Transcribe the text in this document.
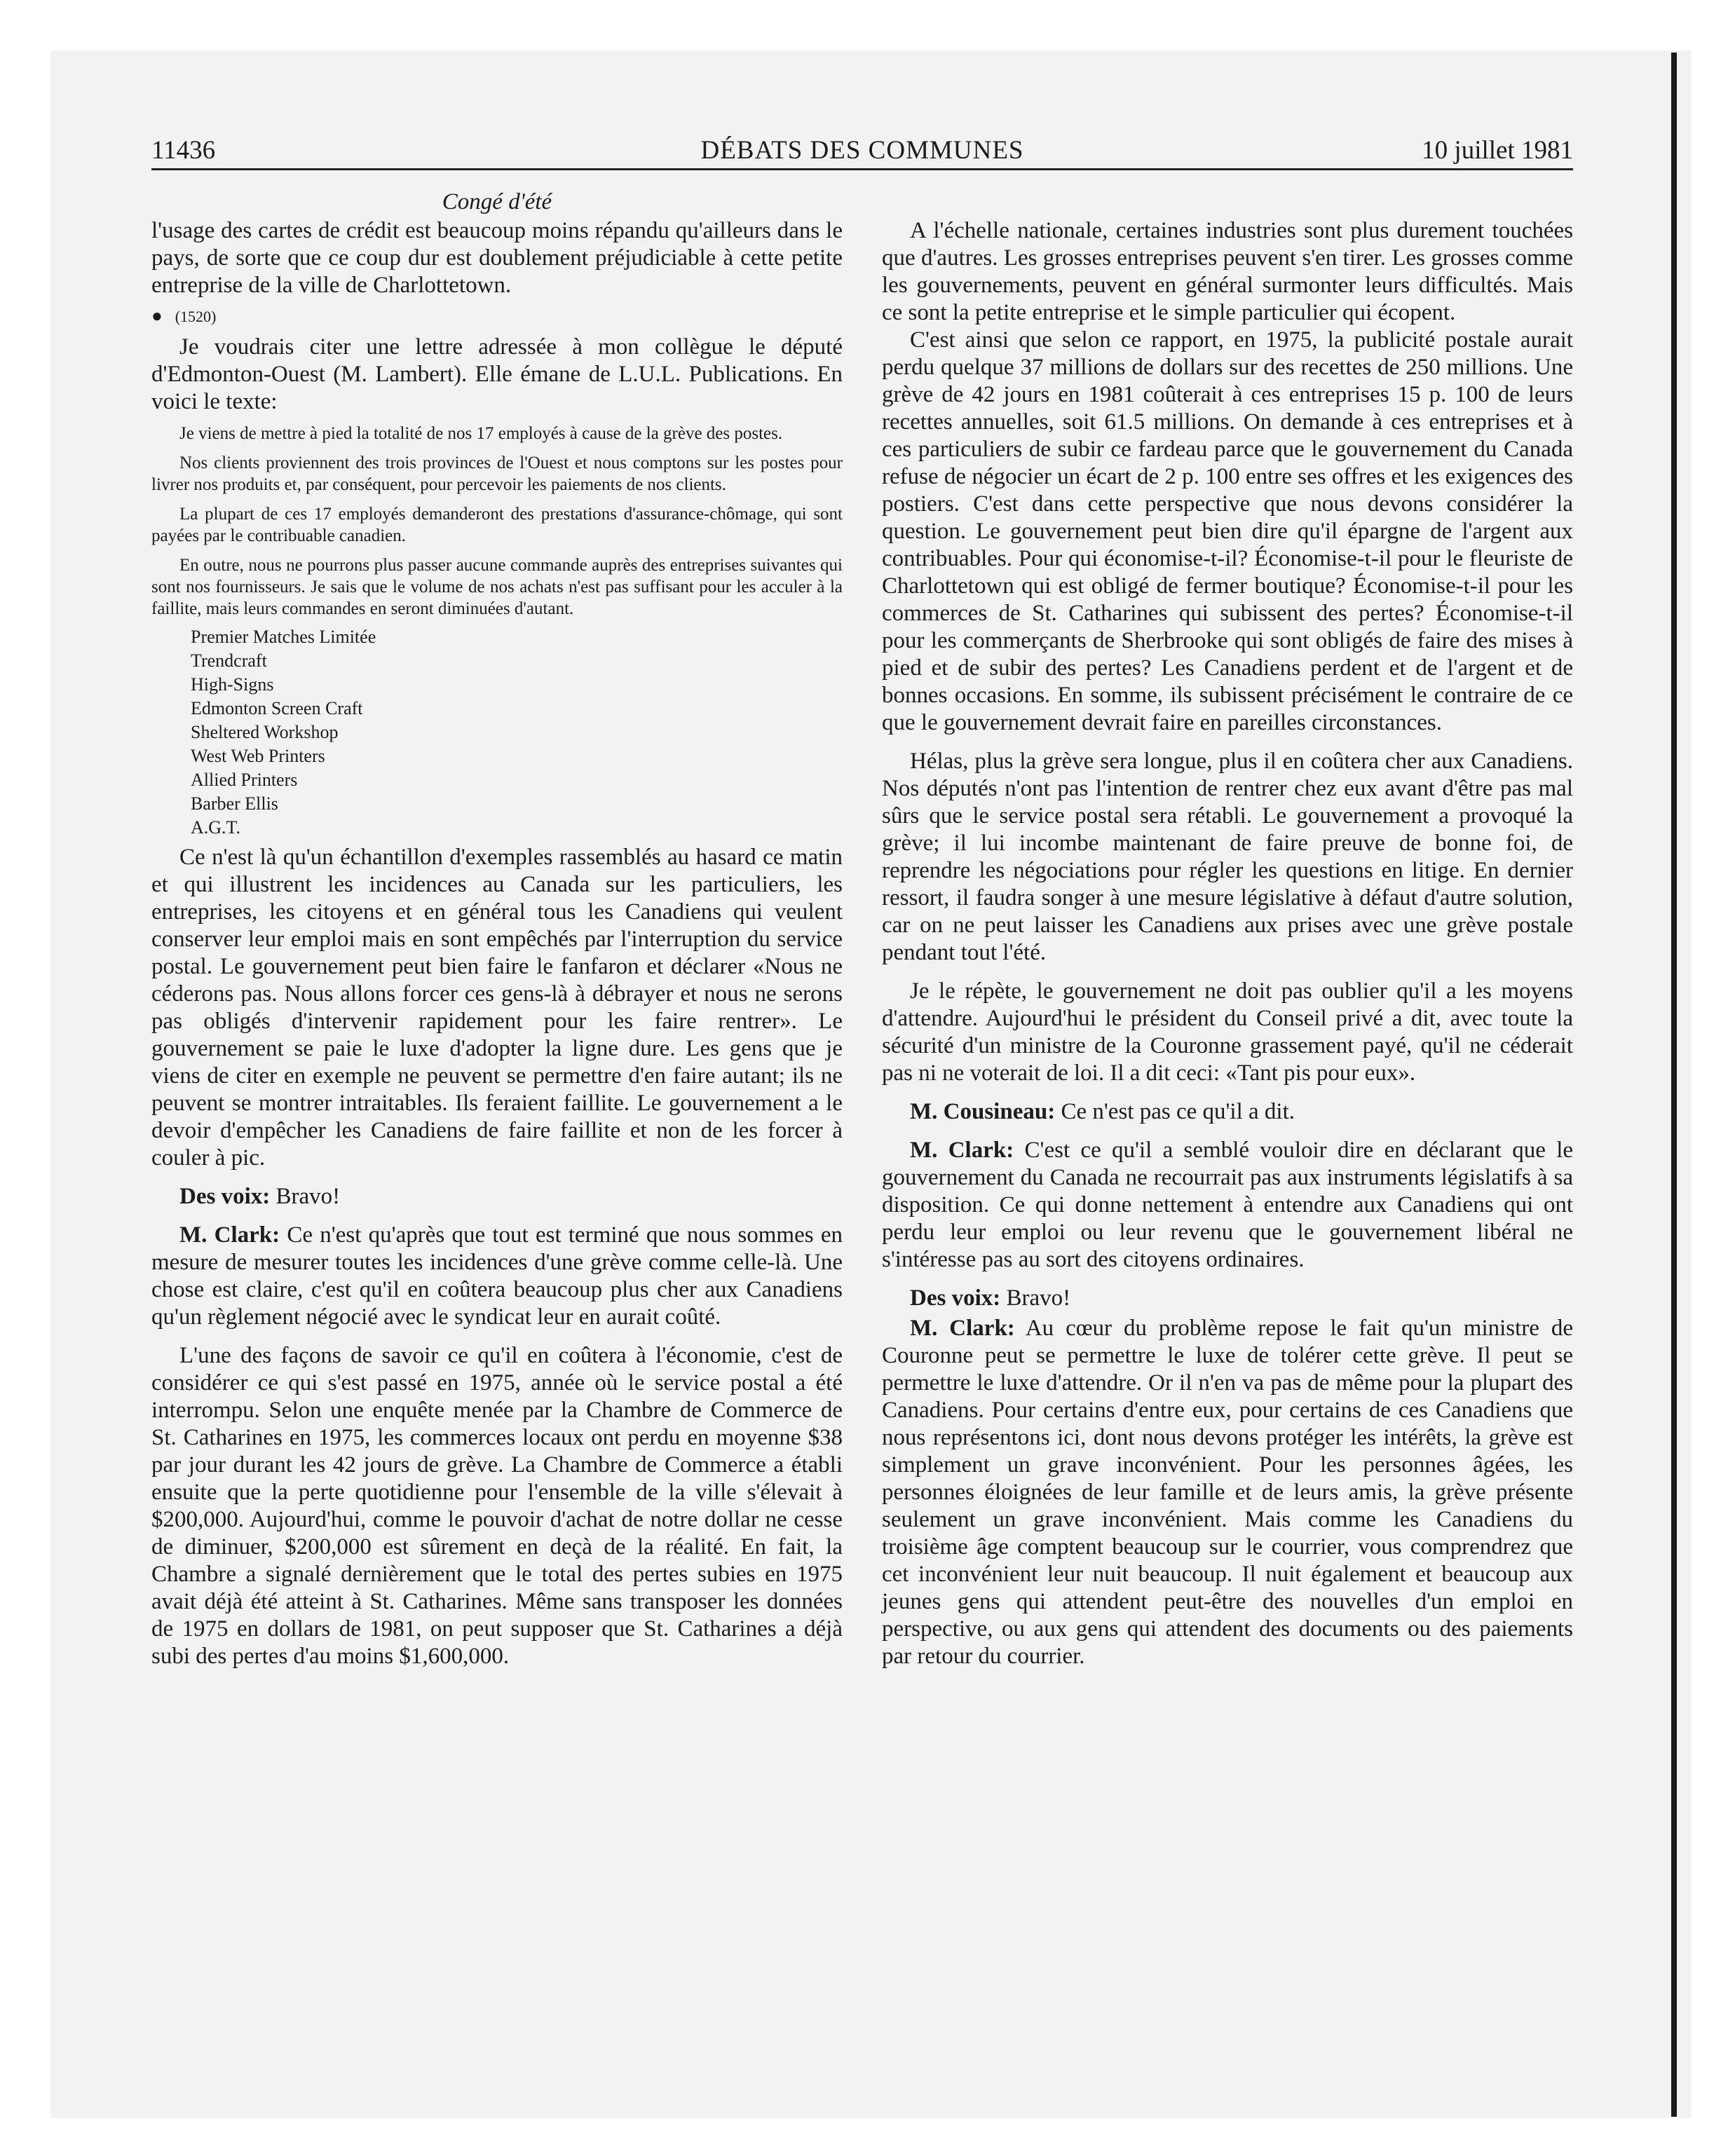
11436	DÉBATS DES COMMUNES	10 juillet 1981
Congé d'été

l'usage des cartes de crédit est beaucoup moins répandu qu'ailleurs dans le pays, de sorte que ce coup dur est doublement préjudiciable à cette petite entreprise de la ville de Charlottetown.

● (1520)

Je voudrais citer une lettre adressée à mon collègue le député d'Edmonton-Ouest (M. Lambert). Elle émane de L.U.L. Publications. En voici le texte:

Je viens de mettre à pied la totalité de nos 17 employés à cause de la grève des postes.

Nos clients proviennent des trois provinces de l'Ouest et nous comptons sur les postes pour livrer nos produits et, par conséquent, pour percevoir les paiements de nos clients.

La plupart de ces 17 employés demanderont des prestations d'assurance-chômage, qui sont payées par le contribuable canadien.

En outre, nous ne pourrons plus passer aucune commande auprès des entreprises suivantes qui sont nos fournisseurs. Je sais que le volume de nos achats n'est pas suffisant pour les acculer à la faillite, mais leurs commandes en seront diminuées d'autant.

Premier Matches Limitée
Trendcraft
High-Signs
Edmonton Screen Craft
Sheltered Workshop
West Web Printers
Allied Printers
Barber Ellis
A.G.T.

Ce n'est là qu'un échantillon d'exemples rassemblés au hasard ce matin et qui illustrent les incidences au Canada sur les particuliers, les entreprises, les citoyens et en général tous les Canadiens qui veulent conserver leur emploi mais en sont empêchés par l'interruption du service postal. Le gouvernement peut bien faire le fanfaron et déclarer «Nous ne céderons pas. Nous allons forcer ces gens-là à débrayer et nous ne serons pas obligés d'intervenir rapidement pour les faire rentrer». Le gouvernement se paie le luxe d'adopter la ligne dure. Les gens que je viens de citer en exemple ne peuvent se permettre d'en faire autant; ils ne peuvent se montrer intraitables. Ils feraient faillite. Le gouvernement a le devoir d'empêcher les Canadiens de faire faillite et non de les forcer à couler à pic.

Des voix: Bravo!

M. Clark: Ce n'est qu'après que tout est terminé que nous sommes en mesure de mesurer toutes les incidences d'une grève comme celle-là. Une chose est claire, c'est qu'il en coûtera beaucoup plus cher aux Canadiens qu'un règlement négocié avec le syndicat leur en aurait coûté.

L'une des façons de savoir ce qu'il en coûtera à l'économie, c'est de considérer ce qui s'est passé en 1975, année où le service postal a été interrompu. Selon une enquête menée par la Chambre de Commerce de St. Catharines en 1975, les commerces locaux ont perdu en moyenne $38 par jour durant les 42 jours de grève. La Chambre de Commerce a établi ensuite que la perte quotidienne pour l'ensemble de la ville s'élevait à $200,000. Aujourd'hui, comme le pouvoir d'achat de notre dollar ne cesse de diminuer, $200,000 est sûrement en deçà de la réalité. En fait, la Chambre a signalé dernièrement que le total des pertes subies en 1975 avait déjà été atteint à St. Catharines. Même sans transposer les données de 1975 en dollars de 1981, on peut supposer que St. Catharines a déjà subi des pertes d'au moins $1,600,000.

A l'échelle nationale, certaines industries sont plus durement touchées que d'autres. Les grosses entreprises peuvent s'en tirer. Les grosses comme les gouvernements, peuvent en général surmonter leurs difficultés. Mais ce sont la petite entreprise et le simple particulier qui écopent.

C'est ainsi que selon ce rapport, en 1975, la publicité postale aurait perdu quelque 37 millions de dollars sur des recettes de 250 millions. Une grève de 42 jours en 1981 coûterait à ces entreprises 15 p. 100 de leurs recettes annuelles, soit 61.5 millions. On demande à ces entreprises et à ces particuliers de subir ce fardeau parce que le gouvernement du Canada refuse de négocier un écart de 2 p. 100 entre ses offres et les exigences des postiers. C'est dans cette perspective que nous devons considérer la question. Le gouvernement peut bien dire qu'il épargne de l'argent aux contribuables. Pour qui économise-t-il? Économise-t-il pour le fleuriste de Charlottetown qui est obligé de fermer boutique? Économise-t-il pour les commerces de St. Catharines qui subissent des pertes? Économise-t-il pour les commerçants de Sherbrooke qui sont obligés de faire des mises à pied et de subir des pertes? Les Canadiens perdent et de l'argent et de bonnes occasions. En somme, ils subissent précisément le contraire de ce que le gouvernement devrait faire en pareilles circonstances.

Hélas, plus la grève sera longue, plus il en coûtera cher aux Canadiens. Nos députés n'ont pas l'intention de rentrer chez eux avant d'être pas mal sûrs que le service postal sera rétabli. Le gouvernement a provoqué la grève; il lui incombe maintenant de faire preuve de bonne foi, de reprendre les négociations pour régler les questions en litige. En dernier ressort, il faudra songer à une mesure législative à défaut d'autre solution, car on ne peut laisser les Canadiens aux prises avec une grève postale pendant tout l'été.

Je le répète, le gouvernement ne doit pas oublier qu'il a les moyens d'attendre. Aujourd'hui le président du Conseil privé a dit, avec toute la sécurité d'un ministre de la Couronne grassement payé, qu'il ne céderait pas ni ne voterait de loi. Il a dit ceci: «Tant pis pour eux».

M. Cousineau: Ce n'est pas ce qu'il a dit.

M. Clark: C'est ce qu'il a semblé vouloir dire en déclarant que le gouvernement du Canada ne recourrait pas aux instruments législatifs à sa disposition. Ce qui donne nettement à entendre aux Canadiens qui ont perdu leur emploi ou leur revenu que le gouvernement libéral ne s'intéresse pas au sort des citoyens ordinaires.

Des voix: Bravo!

M. Clark: Au cœur du problème repose le fait qu'un ministre de Couronne peut se permettre le luxe de tolérer cette grève. Il peut se permettre le luxe d'attendre. Or il n'en va pas de même pour la plupart des Canadiens. Pour certains d'entre eux, pour certains de ces Canadiens que nous représentons ici, dont nous devons protéger les intérêts, la grève est simplement un grave inconvénient. Pour les personnes âgées, les personnes éloignées de leur famille et de leurs amis, la grève présente seulement un grave inconvénient. Mais comme les Canadiens du troisième âge comptent beaucoup sur le courrier, vous comprendrez que cet inconvénient leur nuit beaucoup. Il nuit également et beaucoup aux jeunes gens qui attendent peut-être des nouvelles d'un emploi en perspective, ou aux gens qui attendent des documents ou des paiements par retour du courrier.
